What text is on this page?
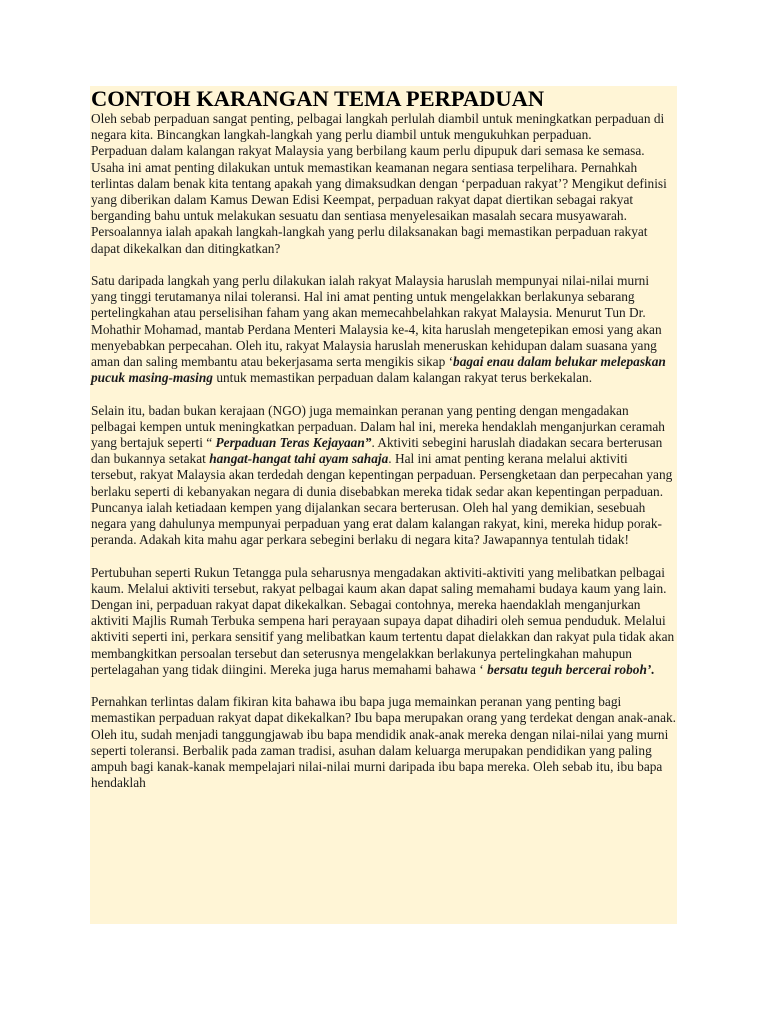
CONTOH KARANGAN TEMA PERPADUAN

Oleh sebab perpaduan sangat penting, pelbagai langkah perlulah diambil untuk meningkatkan perpaduan di negara kita. Bincangkan langkah-langkah yang perlu diambil untuk mengukuhkan perpaduan.

Perpaduan dalam kalangan rakyat Malaysia yang berbilang kaum perlu dipupuk dari semasa ke semasa. Usaha ini amat penting dilakukan untuk memastikan keamanan negara sentiasa terpelihara. Pernahkah terlintas dalam benak kita tentang apakah yang dimaksudkan dengan ‘perpaduan rakyat’? Mengikut definisi yang diberikan dalam Kamus Dewan Edisi Keempat, perpaduan rakyat dapat diertikan sebagai rakyat berganding bahu untuk melakukan sesuatu dan sentiasa menyelesaikan masalah secara musyawarah. Persoalannya ialah apakah langkah-langkah yang perlu dilaksanakan bagi memastikan perpaduan rakyat dapat dikekalkan dan ditingkatkan?

Satu daripada langkah yang perlu dilakukan ialah rakyat Malaysia haruslah mempunyai nilai-nilai murni yang tinggi terutamanya nilai toleransi. Hal ini amat penting untuk mengelakkan berlakunya sebarang pertelingkahan atau perselisihan faham yang akan memecahbelahkan rakyat Malaysia. Menurut Tun Dr. Mohathir Mohamad, mantab Perdana Menteri Malaysia ke-4, kita haruslah mengetepikan emosi yang akan menyebabkan perpecahan. Oleh itu, rakyat Malaysia haruslah meneruskan kehidupan dalam suasana yang aman dan saling membantu atau bekerjasama serta mengikis sikap ‘bagai enau dalam belukar melepaskan pucuk masing-masing untuk memastikan perpaduan dalam kalangan rakyat terus berkekalan.

Selain itu, badan bukan kerajaan (NGO) juga memainkan peranan yang penting dengan mengadakan pelbagai kempen untuk meningkatkan perpaduan. Dalam hal ini, mereka hendaklah menganjurkan ceramah yang bertajuk seperti “ Perpaduan Teras Kejayaan”. Aktiviti sebegini haruslah diadakan secara berterusan dan bukannya setakat hangat-hangat tahi ayam sahaja. Hal ini amat penting kerana melalui aktiviti tersebut, rakyat Malaysia akan terdedah dengan kepentingan perpaduan. Persengketaan dan perpecahan yang berlaku seperti di kebanyakan negara di dunia disebabkan mereka tidak sedar akan kepentingan perpaduan. Puncanya ialah ketiadaan kempen yang dijalankan secara berterusan. Oleh hal yang demikian, sesebuah negara yang dahulunya mempunyai perpaduan yang erat dalam kalangan rakyat, kini, mereka hidup porak-peranda. Adakah kita mahu agar perkara sebegini berlaku di negara kita? Jawapannya tentulah tidak!

Pertubuhan seperti Rukun Tetangga pula seharusnya mengadakan aktiviti-aktiviti yang melibatkan pelbagai kaum. Melalui aktiviti tersebut, rakyat pelbagai kaum akan dapat saling memahami budaya kaum yang lain. Dengan ini, perpaduan rakyat dapat dikekalkan. Sebagai contohnya, mereka haendaklah menganjurkan aktiviti Majlis Rumah Terbuka sempena hari perayaan supaya dapat dihadiri oleh semua penduduk. Melalui aktiviti seperti ini, perkara sensitif yang melibatkan kaum tertentu dapat dielakkan dan rakyat pula tidak akan membangkitkan persoalan tersebut dan seterusnya mengelakkan berlakunya pertelingkahan mahupun pertelagahan yang tidak diingini. Mereka juga harus memahami bahawa ‘ bersatu teguh bercerai roboh’.

Pernahkan terlintas dalam fikiran kita bahawa ibu bapa juga memainkan peranan yang penting bagi memastikan perpaduan rakyat dapat dikekalkan? Ibu bapa merupakan orang yang terdekat dengan anak-anak. Oleh itu, sudah menjadi tanggungjawab ibu bapa mendidik anak-anak mereka dengan nilai-nilai yang murni seperti toleransi. Berbalik pada zaman tradisi, asuhan dalam keluarga merupakan pendidikan yang paling ampuh bagi kanak-kanak mempelajari nilai-nilai murni daripada ibu bapa mereka. Oleh sebab itu, ibu bapa hendaklah
